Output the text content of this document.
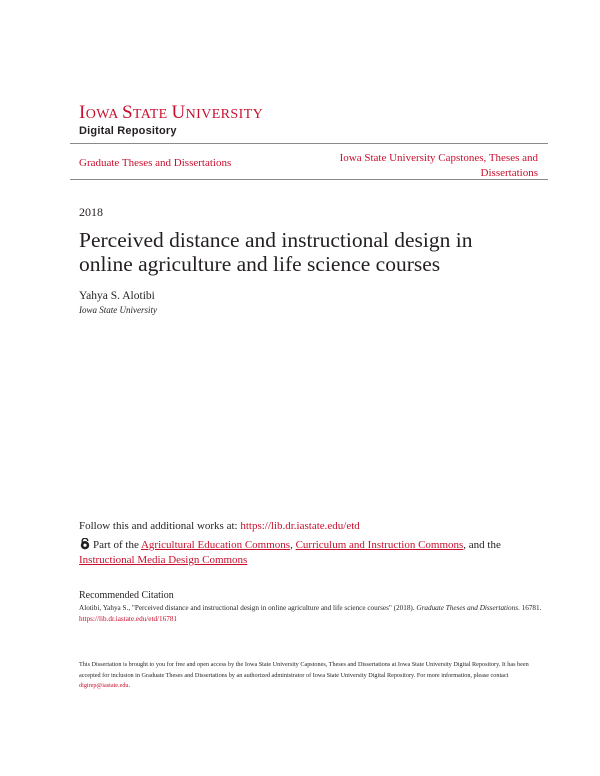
IOWA STATE UNIVERSITY
Digital Repository
Graduate Theses and Dissertations	Iowa State University Capstones, Theses and Dissertations
2018
Perceived distance and instructional design in online agriculture and life science courses
Yahya S. Alotibi
Iowa State University
Follow this and additional works at: https://lib.dr.iastate.edu/etd
Part of the Agricultural Education Commons, Curriculum and Instruction Commons, and the Instructional Media Design Commons
Recommended Citation
Alotibi, Yahya S., "Perceived distance and instructional design in online agriculture and life science courses" (2018). Graduate Theses and Dissertations. 16781.
https://lib.dr.iastate.edu/etd/16781
This Dissertation is brought to you for free and open access by the Iowa State University Capstones, Theses and Dissertations at Iowa State University Digital Repository. It has been accepted for inclusion in Graduate Theses and Dissertations by an authorized administrator of Iowa State University Digital Repository. For more information, please contact digirep@iastate.edu.
